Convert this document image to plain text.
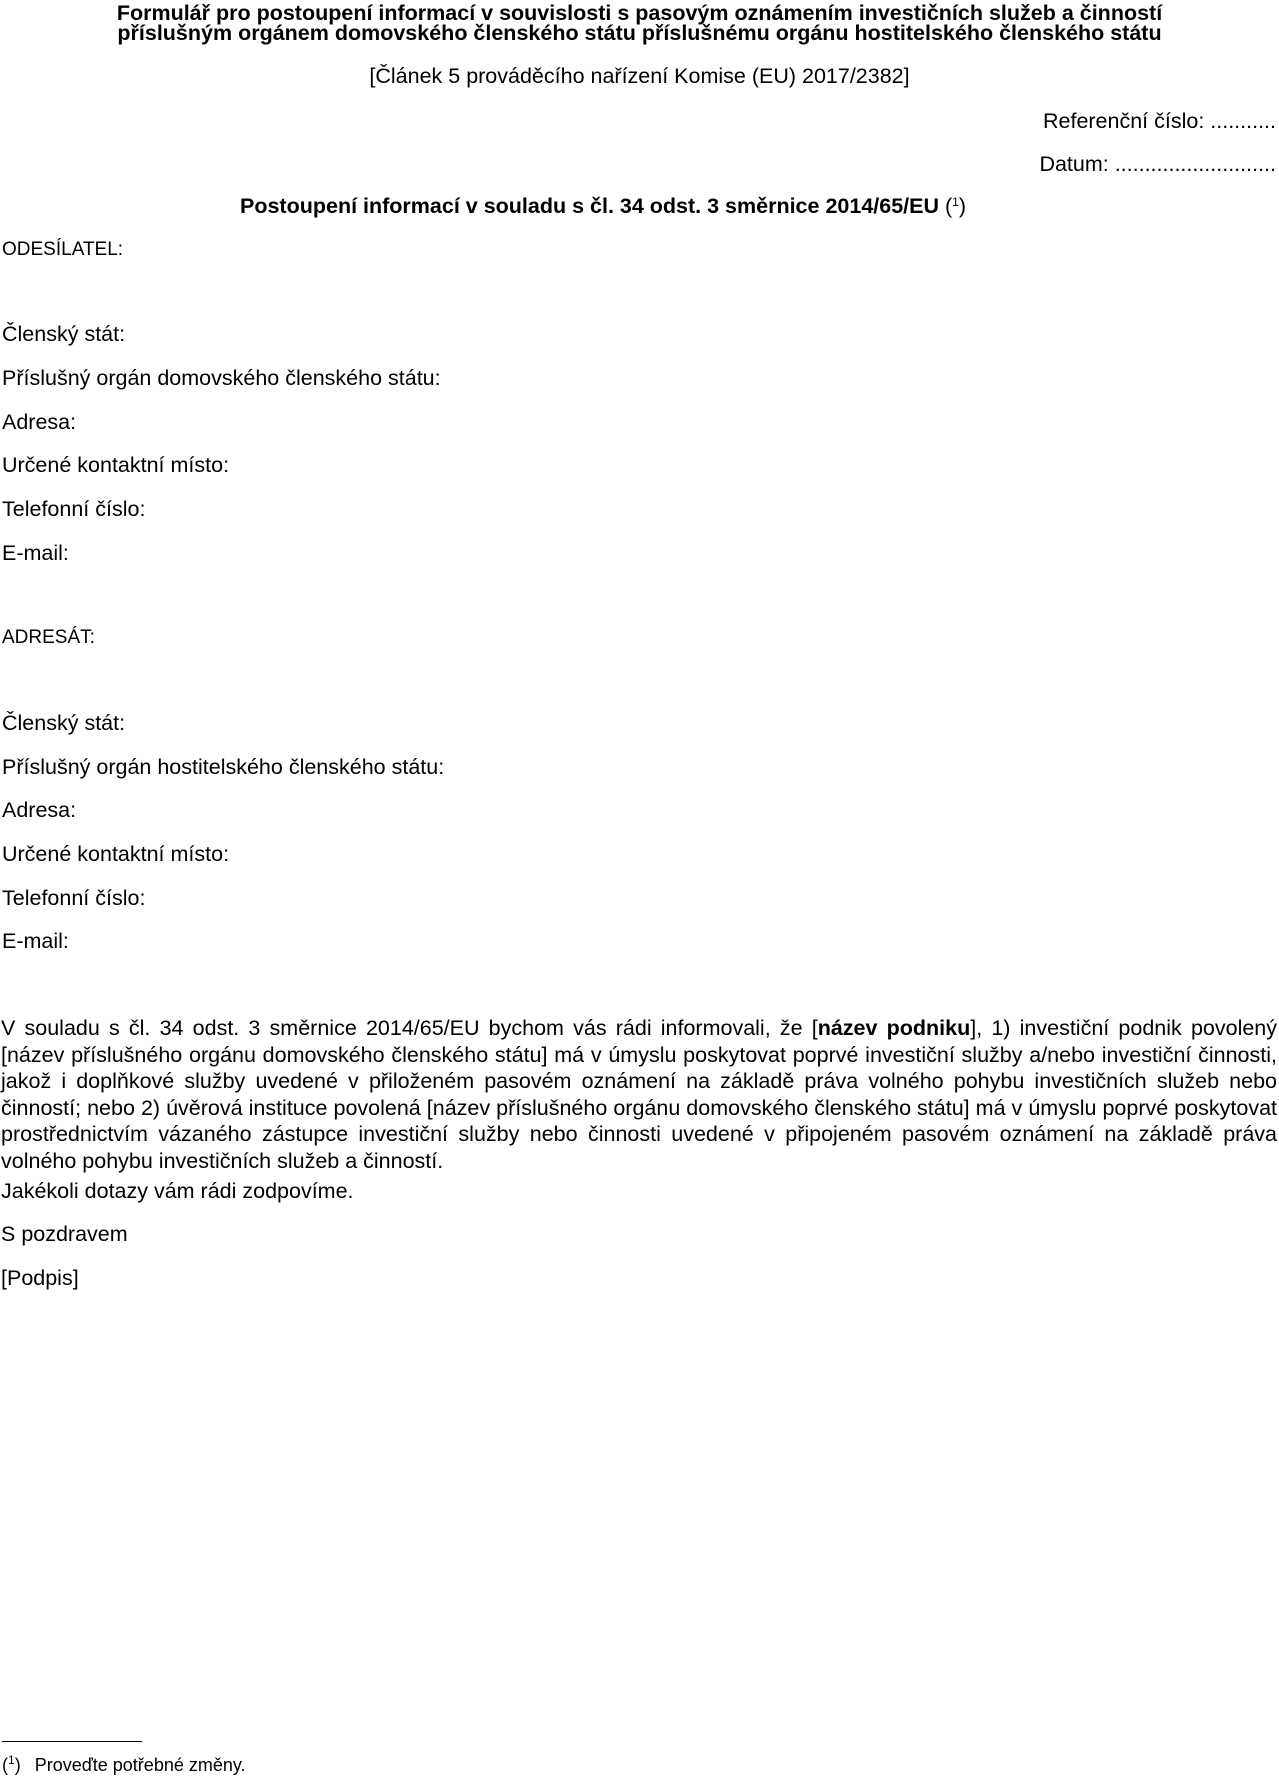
Formulář pro postoupení informací v souvislosti s pasovým oznámením investičních služeb a činností
příslušným orgánem domovského členského státu příslušnému orgánu hostitelského členského státu
[Článek 5 prováděcího nařízení Komise (EU) 2017/2382]
Referenční číslo: ...........
Datum: ...........................
Postoupení informací v souladu s čl. 34 odst. 3 směrnice 2014/65/EU ($^1$)
ODESÍLATEL:
Členský stát:
Příslušný orgán domovského členského státu:
Adresa:
Určené kontaktní místo:
Telefonní číslo:
E-mail:
ADRESÁT:
Členský stát:
Příslušný orgán hostitelského členského státu:
Adresa:
Určené kontaktní místo:
Telefonní číslo:
E-mail:
V souladu s čl. 34 odst. 3 směrnice 2014/65/EU bychom vás rádi informovali, že [název podniku], 1) investiční podnik povolený [název příslušného orgánu domovského členského státu] má v úmyslu poskytovat poprvé investiční služby a/nebo investiční činnosti, jakož i doplňkové služby uvedené v přiloženém pasovém oznámení na základě práva volného pohybu investičních služeb nebo činností; nebo 2) úvěrová instituce povolená [název příslušného orgánu domovského členského státu] má v úmyslu poprvé poskytovat prostřednictvím vázaného zástupce investiční služby nebo činnosti uvedené v připojeném pasovém oznámení na základě práva volného pohybu investičních služeb a činností.
Jakékoli dotazy vám rádi zodpovíme.
S pozdravem
[Podpis]
($^1$) Proveďte potřebné změny.
